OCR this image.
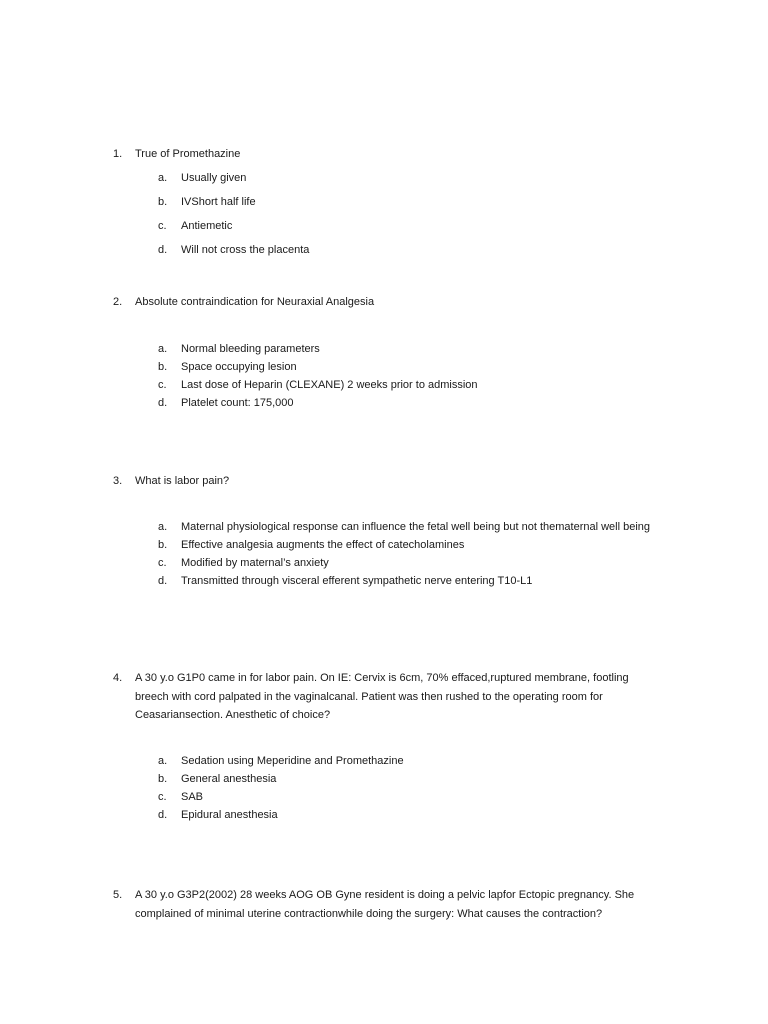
1.	True of Promethazine
a.	Usually given
b.	IVShort half life
c.	Antiemetic
d.	Will not cross the placenta
2.	Absolute contraindication for Neuraxial Analgesia
a.	Normal bleeding parameters
b.	Space occupying lesion
c.	Last dose of Heparin (CLEXANE) 2 weeks prior to admission
d.	Platelet count: 175,000
3.	What is labor pain?
a.	Maternal physiological response can influence the fetal well being but not thematernal well being
b.	Effective analgesia augments the effect of catecholamines
c.	Modified by maternal’s anxiety
d.	Transmitted through visceral efferent sympathetic nerve entering T10-L1
4.	A 30 y.o G1P0 came in for labor pain. On IE: Cervix is 6cm, 70% effaced,ruptured membrane, footling breech with cord palpated in the vaginalcanal. Patient was then rushed to the operating room for Ceasariansection. Anesthetic of choice?
a.	Sedation using Meperidine and Promethazine
b.	General anesthesia
c.	SAB
d.	Epidural anesthesia
5.	A 30 y.o G3P2(2002) 28 weeks AOG OB Gyne resident is doing a pelvic lapfor Ectopic pregnancy. She complained of minimal uterine contractionwhile doing the surgery: What causes the contraction?
